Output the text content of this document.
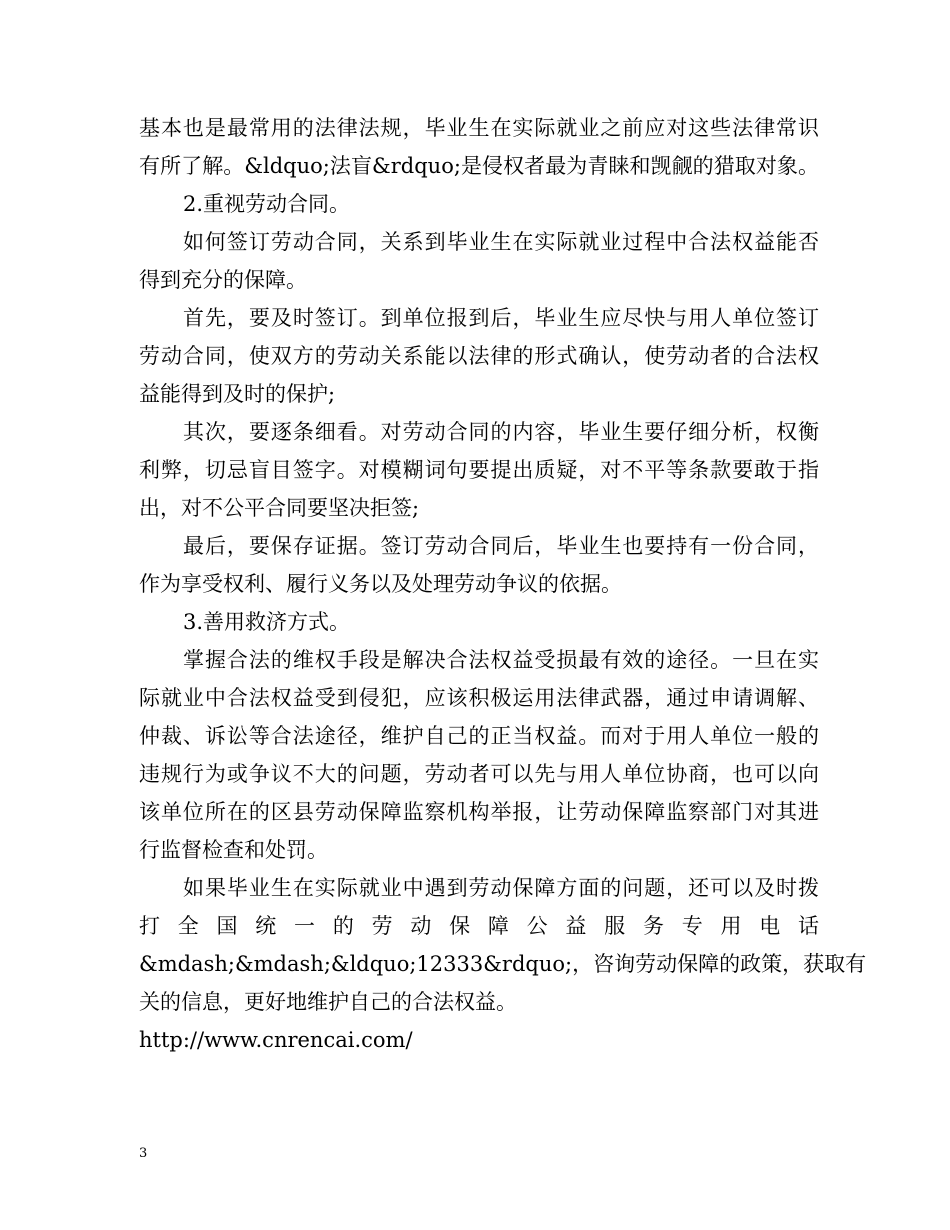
基本也是最常用的法律法规，毕业生在实际就业之前应对这些法律常识
有所了解。&ldquo;法盲&rdquo;是侵权者最为青睐和觊觎的猎取对象。
2.重视劳动合同。
如何签订劳动合同，关系到毕业生在实际就业过程中合法权益能否
得到充分的保障。
首先，要及时签订。到单位报到后，毕业生应尽快与用人单位签订
劳动合同，使双方的劳动关系能以法律的形式确认，使劳动者的合法权
益能得到及时的保护;
其次，要逐条细看。对劳动合同的内容，毕业生要仔细分析，权衡
利弊，切忌盲目签字。对模糊词句要提出质疑，对不平等条款要敢于指
出，对不公平合同要坚决拒签;
最后，要保存证据。签订劳动合同后，毕业生也要持有一份合同，
作为享受权利、履行义务以及处理劳动争议的依据。
3.善用救济方式。
掌握合法的维权手段是解决合法权益受损最有效的途径。一旦在实
际就业中合法权益受到侵犯，应该积极运用法律武器，通过申请调解、
仲裁、诉讼等合法途径，维护自己的正当权益。而对于用人单位一般的
违规行为或争议不大的问题，劳动者可以先与用人单位协商，也可以向
该单位所在的区县劳动保障监察机构举报，让劳动保障监察部门对其进
行监督检查和处罚。
如果毕业生在实际就业中遇到劳动保障方面的问题，还可以及时拨
打全国统一的劳动保障公益服务专用电话
&mdash;&mdash;&ldquo;12333&rdquo;，咨询劳动保障的政策，获取有
关的信息，更好地维护自己的合法权益。
http://www.cnrencai.com/
3
